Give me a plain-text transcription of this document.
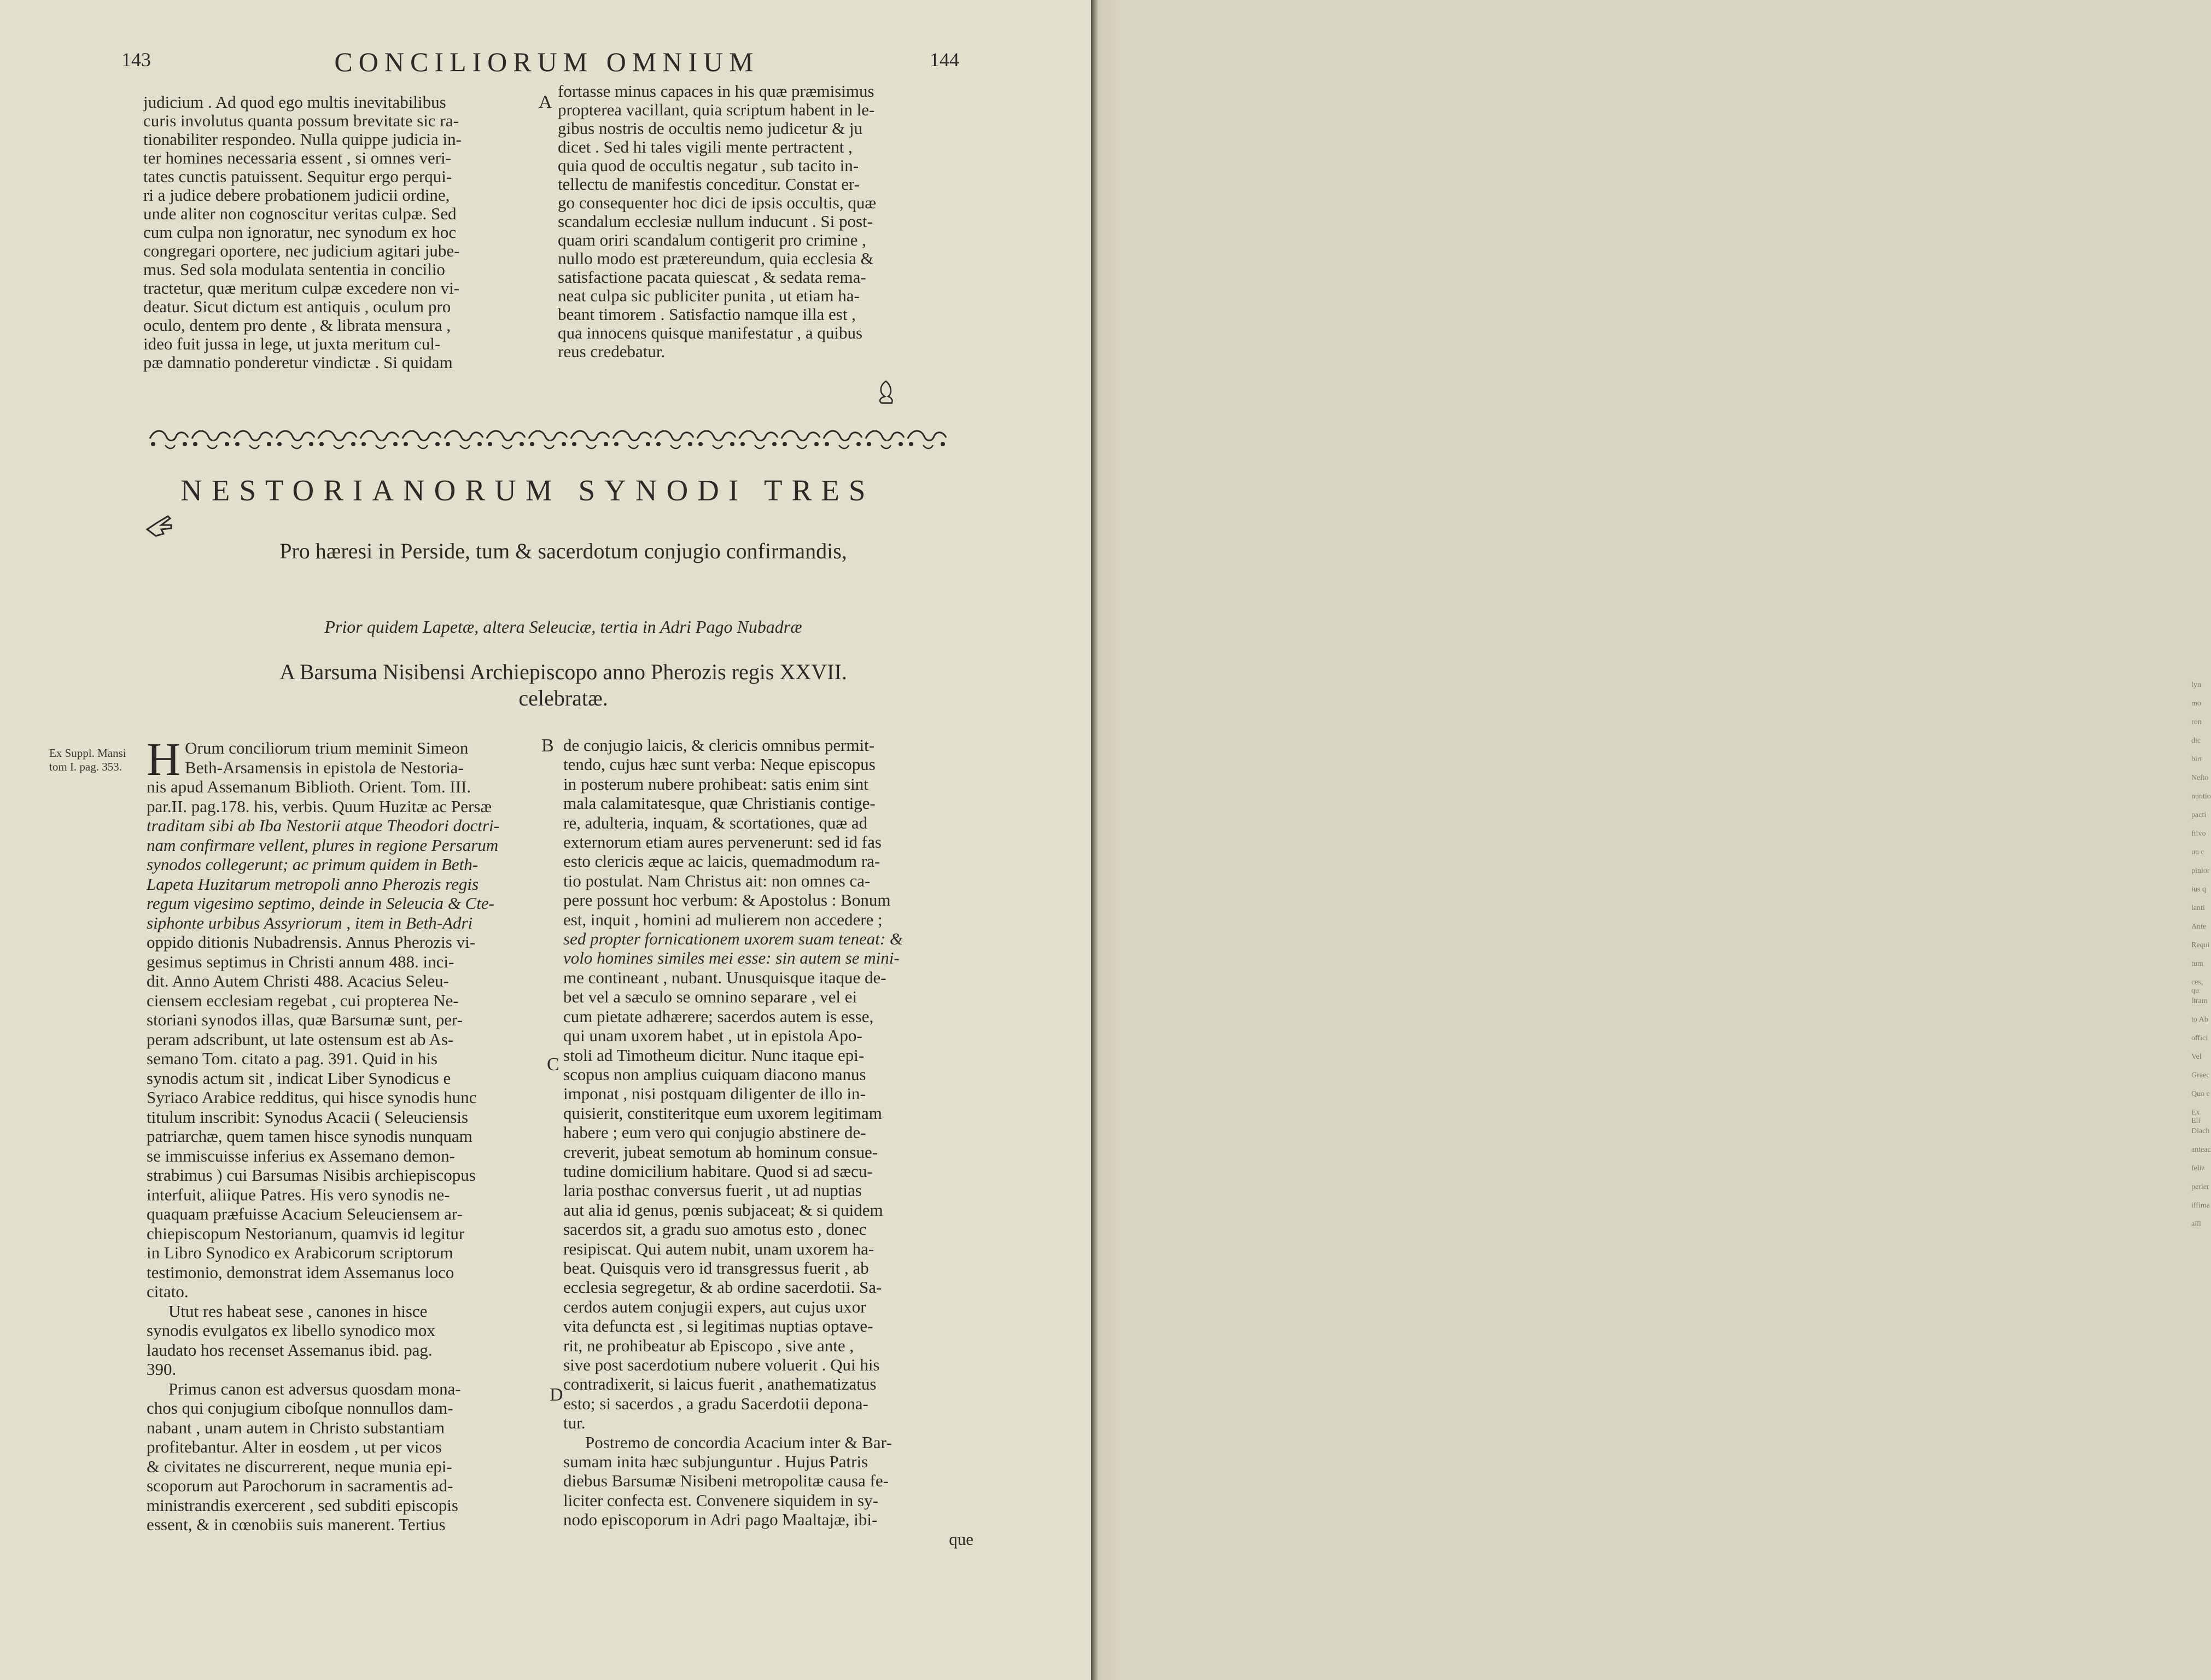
143	CONCILIORUM OMNIUM	144
A
B
C
D

judicium . Ad quod ego multis inevitabilibus

curis involutus quanta possum brevitate sic ra-

tionabiliter respondeo. Nulla quippe judicia in-

ter homines necessaria essent , si omnes veri-

tates cunctis patuissent. Sequitur ergo perqui-

ri a judice debere probationem judicii ordine,

unde aliter non cognoscitur veritas culpæ. Sed

cum culpa non ignoratur, nec synodum ex hoc

congregari oportere, nec judicium agitari jube-

mus. Sed sola modulata sententia in concilio

tractetur, quæ meritum culpæ excedere non vi-

deatur. Sicut dictum est antiquis , oculum pro

oculo, dentem pro dente , & librata mensura ,

ideo fuit jussa in lege, ut juxta meritum cul-

pæ damnatio ponderetur vindictæ . Si quidam

fortasse minus capaces in his quæ præmisimus

propterea vacillant, quia scriptum habent in le-

gibus nostris de occultis nemo judicetur & ju

dicet . Sed hi tales vigili mente pertractent ,

quia quod de occultis negatur , sub tacito in-

tellectu de manifestis conceditur. Constat er-

go consequenter hoc dici de ipsis occultis, quæ

scandalum ecclesiæ nullum inducunt . Si post-

quam oriri scandalum contigerit pro crimine ,

nullo modo est prætereundum, quia ecclesia &

satisfactione pacata quiescat , & sedata rema-

neat culpa sic publiciter punita , ut etiam ha-

beant timorem . Satisfactio namque illa est ,

qua innocens quisque manifestatur , a quibus

reus credebatur.

NESTORIANORUM SYNODI TRES
Pro hæresi in Perside, tum & sacerdotum conjugio confirmandis,
Prior quidem Lapetæ, altera Seleuciæ, tertia in Adri Pago Nubadræ
A Barsuma Nisibensi Archiepiscopo anno Pherozis regis XXVII. celebratæ.
Ex Suppl. Mansi tom I. pag. 353. H Orum conciliorum trium meminit Simeon

Beth-Arsamensis in epistola de Nestoria-

nis apud Assemanum Biblioth. Orient. Tom. III.

par.II. pag.178. his, verbis. Quum Huzitæ ac Persæ

traditam sibi ab Iba Nestorii atque Theodori doctri-

nam confirmare vellent, plures in regione Persarum

synodos collegerunt; ac primum quidem in Beth-

Lapeta Huzitarum metropoli anno Pherozis regis

regum vigesimo septimo, deinde in Seleucia & Cte-

siphonte urbibus Assyriorum , item in Beth-Adri

oppido ditionis Nubadrensis. Annus Pherozis vi-

gesimus septimus in Christi annum 488. inci-

dit. Anno Autem Christi 488. Acacius Seleu-

ciensem ecclesiam regebat , cui propterea Ne-

storiani synodos illas, quæ Barsumæ sunt, per-

peram adscribunt, ut late ostensum est ab As-

semano Tom. citato a pag. 391. Quid in his

synodis actum sit , indicat Liber Synodicus e

Syriaco Arabice redditus, qui hisce synodis hunc

titulum inscribit: Synodus Acacii ( Seleuciensis

patriarchæ, quem tamen hisce synodis nunquam

se immiscuisse inferius ex Assemano demon-

strabimus ) cui Barsumas Nisibis archiepiscopus

interfuit, aliique Patres. His vero synodis ne-

quaquam præfuisse Acacium Seleuciensem ar-

chiepiscopum Nestorianum, quamvis id legitur

in Libro Synodico ex Arabicorum scriptorum

testimonio, demonstrat idem Assemanus loco

citato.

Utut res habeat sese , canones in hisce

synodis evulgatos ex libello synodico mox

laudato hos recenset Assemanus ibid. pag.

390.

Primus canon est adversus quosdam mona-

chos qui conjugium ciboſque nonnullos dam-

nabant , unam autem in Christo substantiam

profitebantur. Alter in eosdem , ut per vicos

& civitates ne discurrerent, neque munia epi-

scoporum aut Parochorum in sacramentis ad-

ministrandis exercerent , sed subditi episcopis

essent, & in cœnobiis suis manerent. Tertius

de conjugio laicis, & clericis omnibus permit-

tendo, cujus hæc sunt verba: Neque episcopus

in posterum nubere prohibeat: satis enim sint

mala calamitatesque, quæ Christianis contige-

re, adulteria, inquam, & scortationes, quæ ad

externorum etiam aures pervenerunt: sed id fas

esto clericis æque ac laicis, quemadmodum ra-

tio postulat. Nam Christus ait: non omnes ca-

pere possunt hoc verbum: & Apostolus : Bonum

est, inquit , homini ad mulierem non accedere ;

sed propter fornicationem uxorem suam teneat: &

volo homines similes mei esse: sin autem se mini-

me contineant , nubant. Unusquisque itaque de-

bet vel a sæculo se omnino separare , vel ei

cum pietate adhærere; sacerdos autem is esse,

qui unam uxorem habet , ut in epistola Apo-

stoli ad Timotheum dicitur. Nunc itaque epi-

scopus non amplius cuiquam diacono manus

imponat , nisi postquam diligenter de illo in-

quisierit, constiteritque eum uxorem legitimam

habere ; eum vero qui conjugio abstinere de-

creverit, jubeat semotum ab hominum consue-

tudine domicilium habitare. Quod si ad sæcu-

laria posthac conversus fuerit , ut ad nuptias

aut alia id genus, pœnis subjaceat; & si quidem

sacerdos sit, a gradu suo amotus esto , donec

resipiscat. Qui autem nubit, unam uxorem ha-

beat. Quisquis vero id transgressus fuerit , ab

ecclesia segregetur, & ab ordine sacerdotii. Sa-

cerdos autem conjugii expers, aut cujus uxor

vita defuncta est , si legitimas nuptias optave-

rit, ne prohibeatur ab Episcopo , sive ante ,

sive post sacerdotium nubere voluerit . Qui his

contradixerit, si laicus fuerit , anathematizatus

esto; si sacerdos , a gradu Sacerdotii depona-

tur.

Postremo de concordia Acacium inter & Bar-

sumam inita hæc subjunguntur . Hujus Patris

diebus Barsumæ Nisibeni metropolitæ causa fe-

liciter confecta est. Convenere siquidem in sy-

nodo episcoporum in Adri pago Maaltajæ, ibi-

que

lyn
mo
ron
dic
birt
Neſto
nuntio
pacti
ftivo
un c
pinior
ius q
lanti
Ante
Requi
tum
ces, qu
ſtram
to Ab
offici
Vel
Graec
Quo e
Ex Eli
Diach
anteac
feliz
perier
iffima
aſſi
